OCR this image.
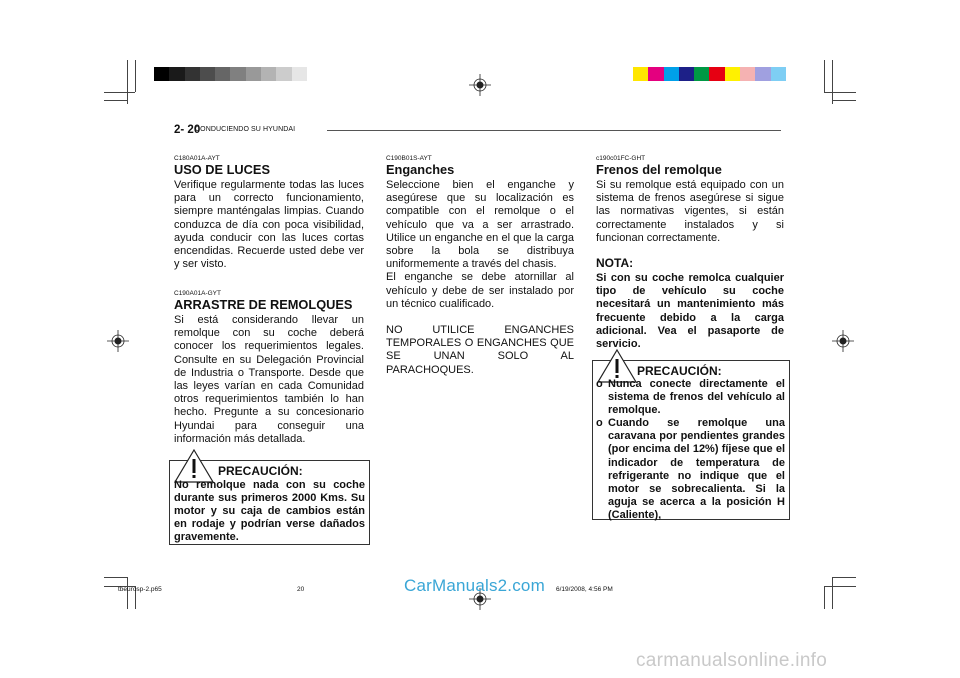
2- 20
CONDUCIENDO SU HYUNDAI
C180A01A-AYT
USO DE LUCES

Verifique regularmente todas las luces para un correcto funcionamiento, siempre manténgalas limpias. Cuando conduzca de día con poca visibilidad, ayuda conducir con las luces cortas encendidas. Recuerde usted debe ver y ser visto.

C190A01A-GYT
ARRASTRE DE REMOLQUES

Si está considerando llevar un remolque con su coche deberá conocer los requerimientos legales. Consulte en su Delegación Provincial de Industria o Transporte. Desde que las leyes varían en cada Comunidad otros requerimientos también lo han hecho. Pregunte a su concesionario Hyundai para conseguir una información más detallada.

PRECAUCIÓN:
No remolque nada con su coche durante sus primeros 2000 Kms. Su motor y su caja de cambios están en rodaje y podrían verse dañados gravemente.
C190B01S-AYT
Enganches

Seleccione bien el enganche y asegúrese que su localización es compatible con el remolque o el vehículo que va a ser arrastrado. Utilice un enganche en el que la carga sobre la bola se distribuya uniformemente a través del chasis.

El enganche se debe atornillar al vehículo y debe de ser instalado por un técnico cualificado.

NO UTILICE ENGANCHES TEMPORALES O ENGANCHES QUE SE UNAN SOLO AL PARACHOQUES.

c190c01FC-GHT
Frenos del remolque

Si su remolque está equipado con un sistema de frenos asegúrese si sigue las normativas vigentes, si están correctamente instalados y si funcionan correctamente.

NOTA:

Si con su coche remolca cualquier tipo de vehículo su coche necesitará un mantenimiento más frecuente debido a la carga adicional. Vea el pasaporte de servicio.

PRECAUCIÓN:
o Nunca conecte directamente el sistema de frenos del vehículo al remolque.
o Cuando se remolque una caravana por pendientes grandes (por encima del 12%) fíjese que el indicador de temperatura de refrigerante no indique que el motor se sobrecalienta. Si la aguja se acerca a la posición H (Caliente),
tbeurosp-2.p65	20	6/19/2008, 4:56 PM
CarManuals2.com
carmanualsonline.info
